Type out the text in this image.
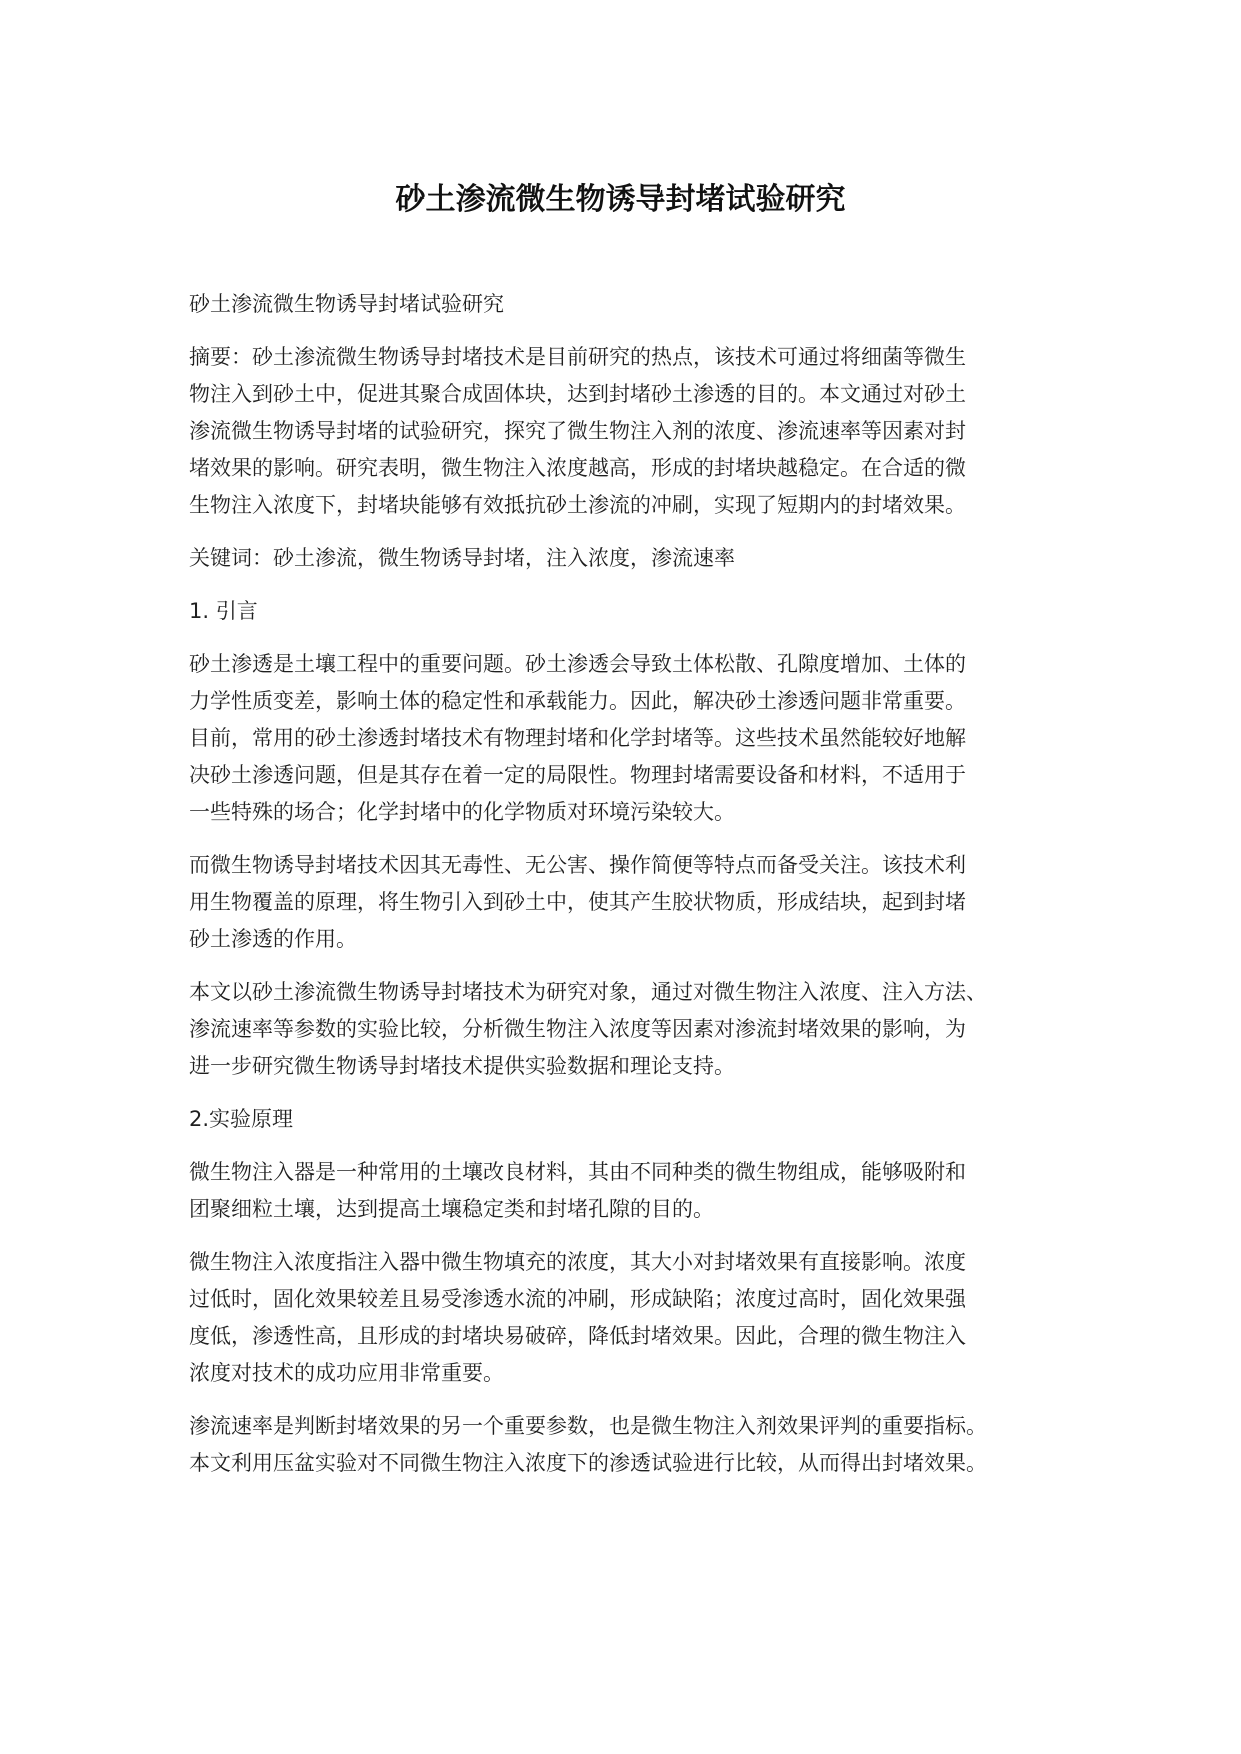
砂土渗流微生物诱导封堵试验研究

砂土渗流微生物诱导封堵试验研究

摘要：砂土渗流微生物诱导封堵技术是目前研究的热点，该技术可通过将细菌等微生
物注入到砂土中，促进其聚合成固体块，达到封堵砂土渗透的目的。本文通过对砂土
渗流微生物诱导封堵的试验研究，探究了微生物注入剂的浓度、渗流速率等因素对封
堵效果的影响。研究表明，微生物注入浓度越高，形成的封堵块越稳定。在合适的微
生物注入浓度下，封堵块能够有效抵抗砂土渗流的冲刷，实现了短期内的封堵效果。

关键词：砂土渗流，微生物诱导封堵，注入浓度，渗流速率

1. 引言

砂土渗透是土壤工程中的重要问题。砂土渗透会导致土体松散、孔隙度增加、土体的
力学性质变差，影响土体的稳定性和承载能力。因此，解决砂土渗透问题非常重要。
目前，常用的砂土渗透封堵技术有物理封堵和化学封堵等。这些技术虽然能较好地解
决砂土渗透问题，但是其存在着一定的局限性。物理封堵需要设备和材料，不适用于
一些特殊的场合；化学封堵中的化学物质对环境污染较大。

而微生物诱导封堵技术因其无毒性、无公害、操作简便等特点而备受关注。该技术利
用生物覆盖的原理，将生物引入到砂土中，使其产生胶状物质，形成结块，起到封堵
砂土渗透的作用。

本文以砂土渗流微生物诱导封堵技术为研究对象，通过对微生物注入浓度、注入方法、
渗流速率等参数的实验比较，分析微生物注入浓度等因素对渗流封堵效果的影响，为
进一步研究微生物诱导封堵技术提供实验数据和理论支持。

2.实验原理

微生物注入器是一种常用的土壤改良材料，其由不同种类的微生物组成，能够吸附和
团聚细粒土壤，达到提高土壤稳定类和封堵孔隙的目的。

微生物注入浓度指注入器中微生物填充的浓度，其大小对封堵效果有直接影响。浓度
过低时，固化效果较差且易受渗透水流的冲刷，形成缺陷；浓度过高时，固化效果强
度低，渗透性高，且形成的封堵块易破碎，降低封堵效果。因此，合理的微生物注入
浓度对技术的成功应用非常重要。

渗流速率是判断封堵效果的另一个重要参数，也是微生物注入剂效果评判的重要指标。
本文利用压盆实验对不同微生物注入浓度下的渗透试验进行比较，从而得出封堵效果。
